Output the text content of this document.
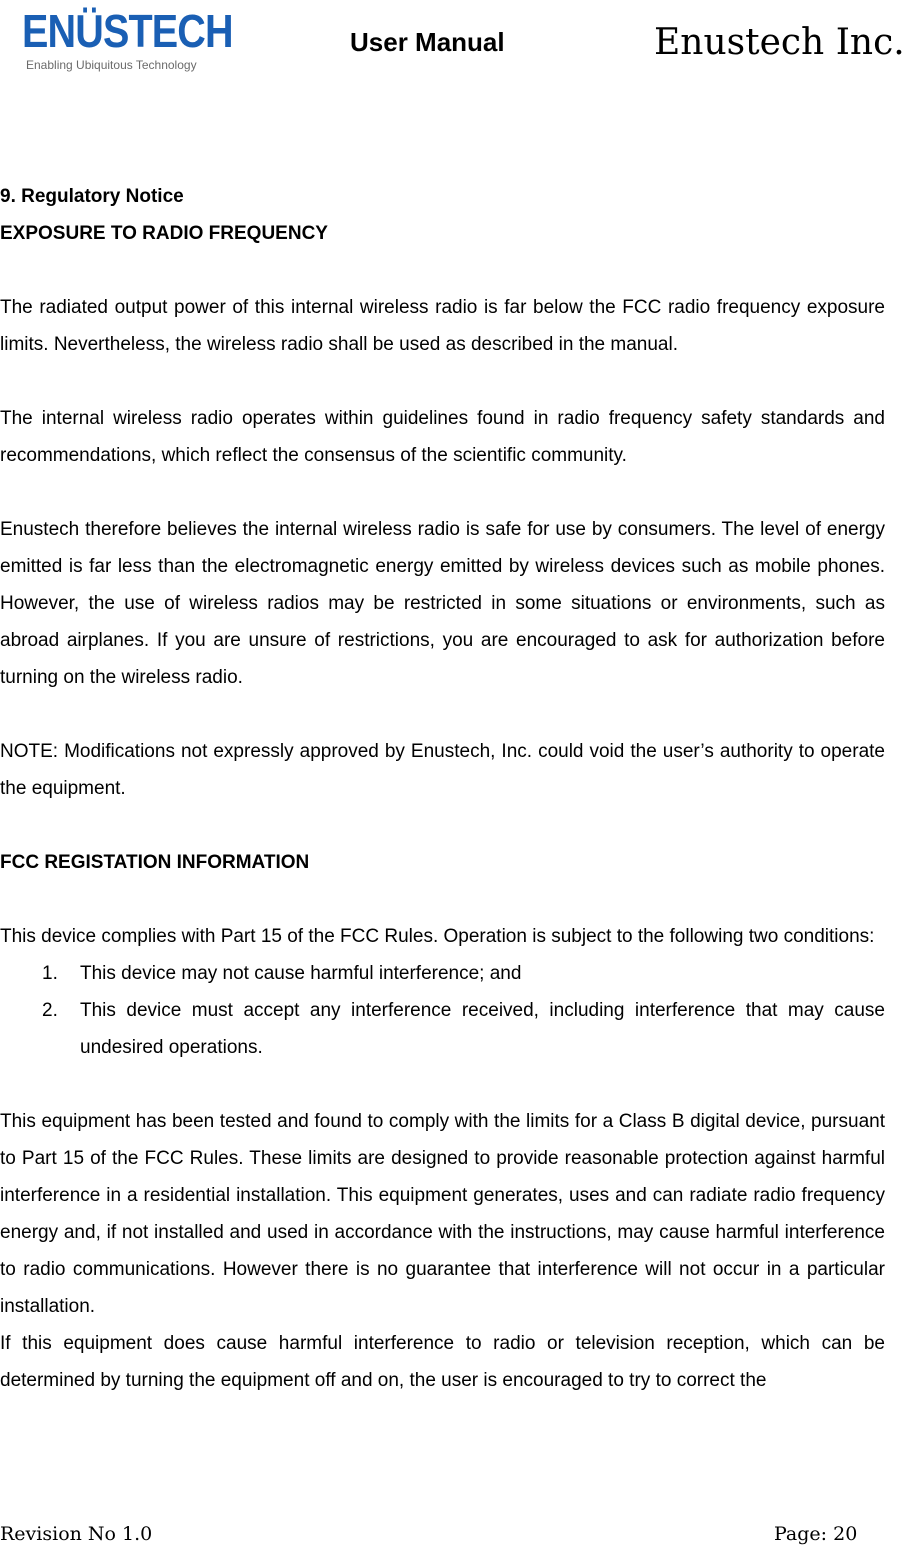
ENÜSTECH
Enabling Ubiquitous Technology
User Manual	Enustech Inc.

9. Regulatory Notice

EXPOSURE TO RADIO FREQUENCY

The radiated output power of this internal wireless radio is far below the FCC radio frequency exposure limits. Nevertheless, the wireless radio shall be used as described in the manual.

The internal wireless radio operates within guidelines found in radio frequency safety standards and recommendations, which reflect the consensus of the scientific community.

Enustech therefore believes the internal wireless radio is safe for use by consumers. The level of energy emitted is far less than the electromagnetic energy emitted by wireless devices such as mobile phones. However, the use of wireless radios may be restricted in some situations or environments, such as abroad airplanes. If you are unsure of restrictions, you are encouraged to ask for authorization before turning on the wireless radio.

NOTE: Modifications not expressly approved by Enustech, Inc. could void the user’s authority to operate the equipment.

FCC REGISTATION INFORMATION

This device complies with Part 15 of the FCC Rules. Operation is subject to the following two conditions:

1. This device may not cause harmful interference; and
2. This device must accept any interference received, including interference that may cause undesired operations.

This equipment has been tested and found to comply with the limits for a Class B digital device, pursuant to Part 15 of the FCC Rules. These limits are designed to provide reasonable protection against harmful interference in a residential installation. This equipment generates, uses and can radiate radio frequency energy and, if not installed and used in accordance with the instructions, may cause harmful interference to radio communications. However there is no guarantee that interference will not occur in a particular installation.

If this equipment does cause harmful interference to radio or television reception, which can be determined by turning the equipment off and on, the user is encouraged to try to correct the

Revision No 1.0	Page: 20
